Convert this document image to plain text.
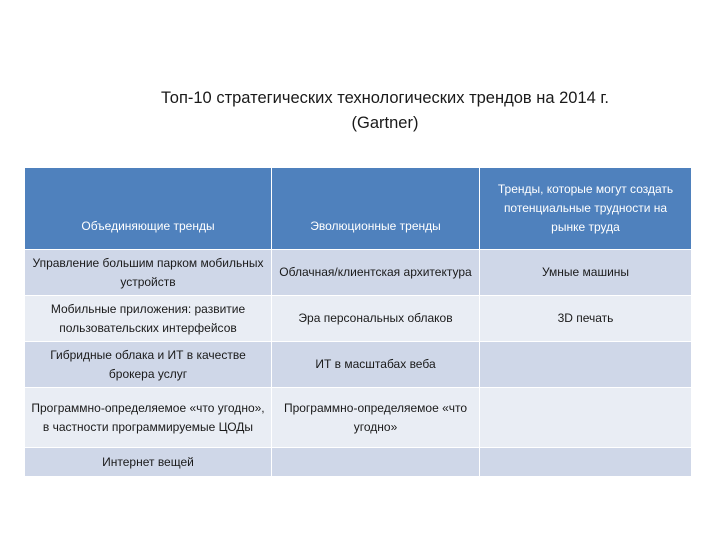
Топ-10 стратегических технологических трендов на 2014 г.
(Gartner)
Объединяющие тренды	Эволюционные тренды	Тренды, которые могут создать потенциальные трудности на рынке труда
Управление большим парком мобильных устройств	Облачная/клиентская архитектура	Умные машины
Мобильные приложения: развитие пользовательских интерфейсов	Эра персональных облаков	3D печать
Гибридные облака и ИТ в качестве брокера услуг	ИТ в масштабах веба	
Программно-определяемое «что угодно», в частности программируемые ЦОДы	Программно-определяемое «что угодно»	
Интернет вещей		
